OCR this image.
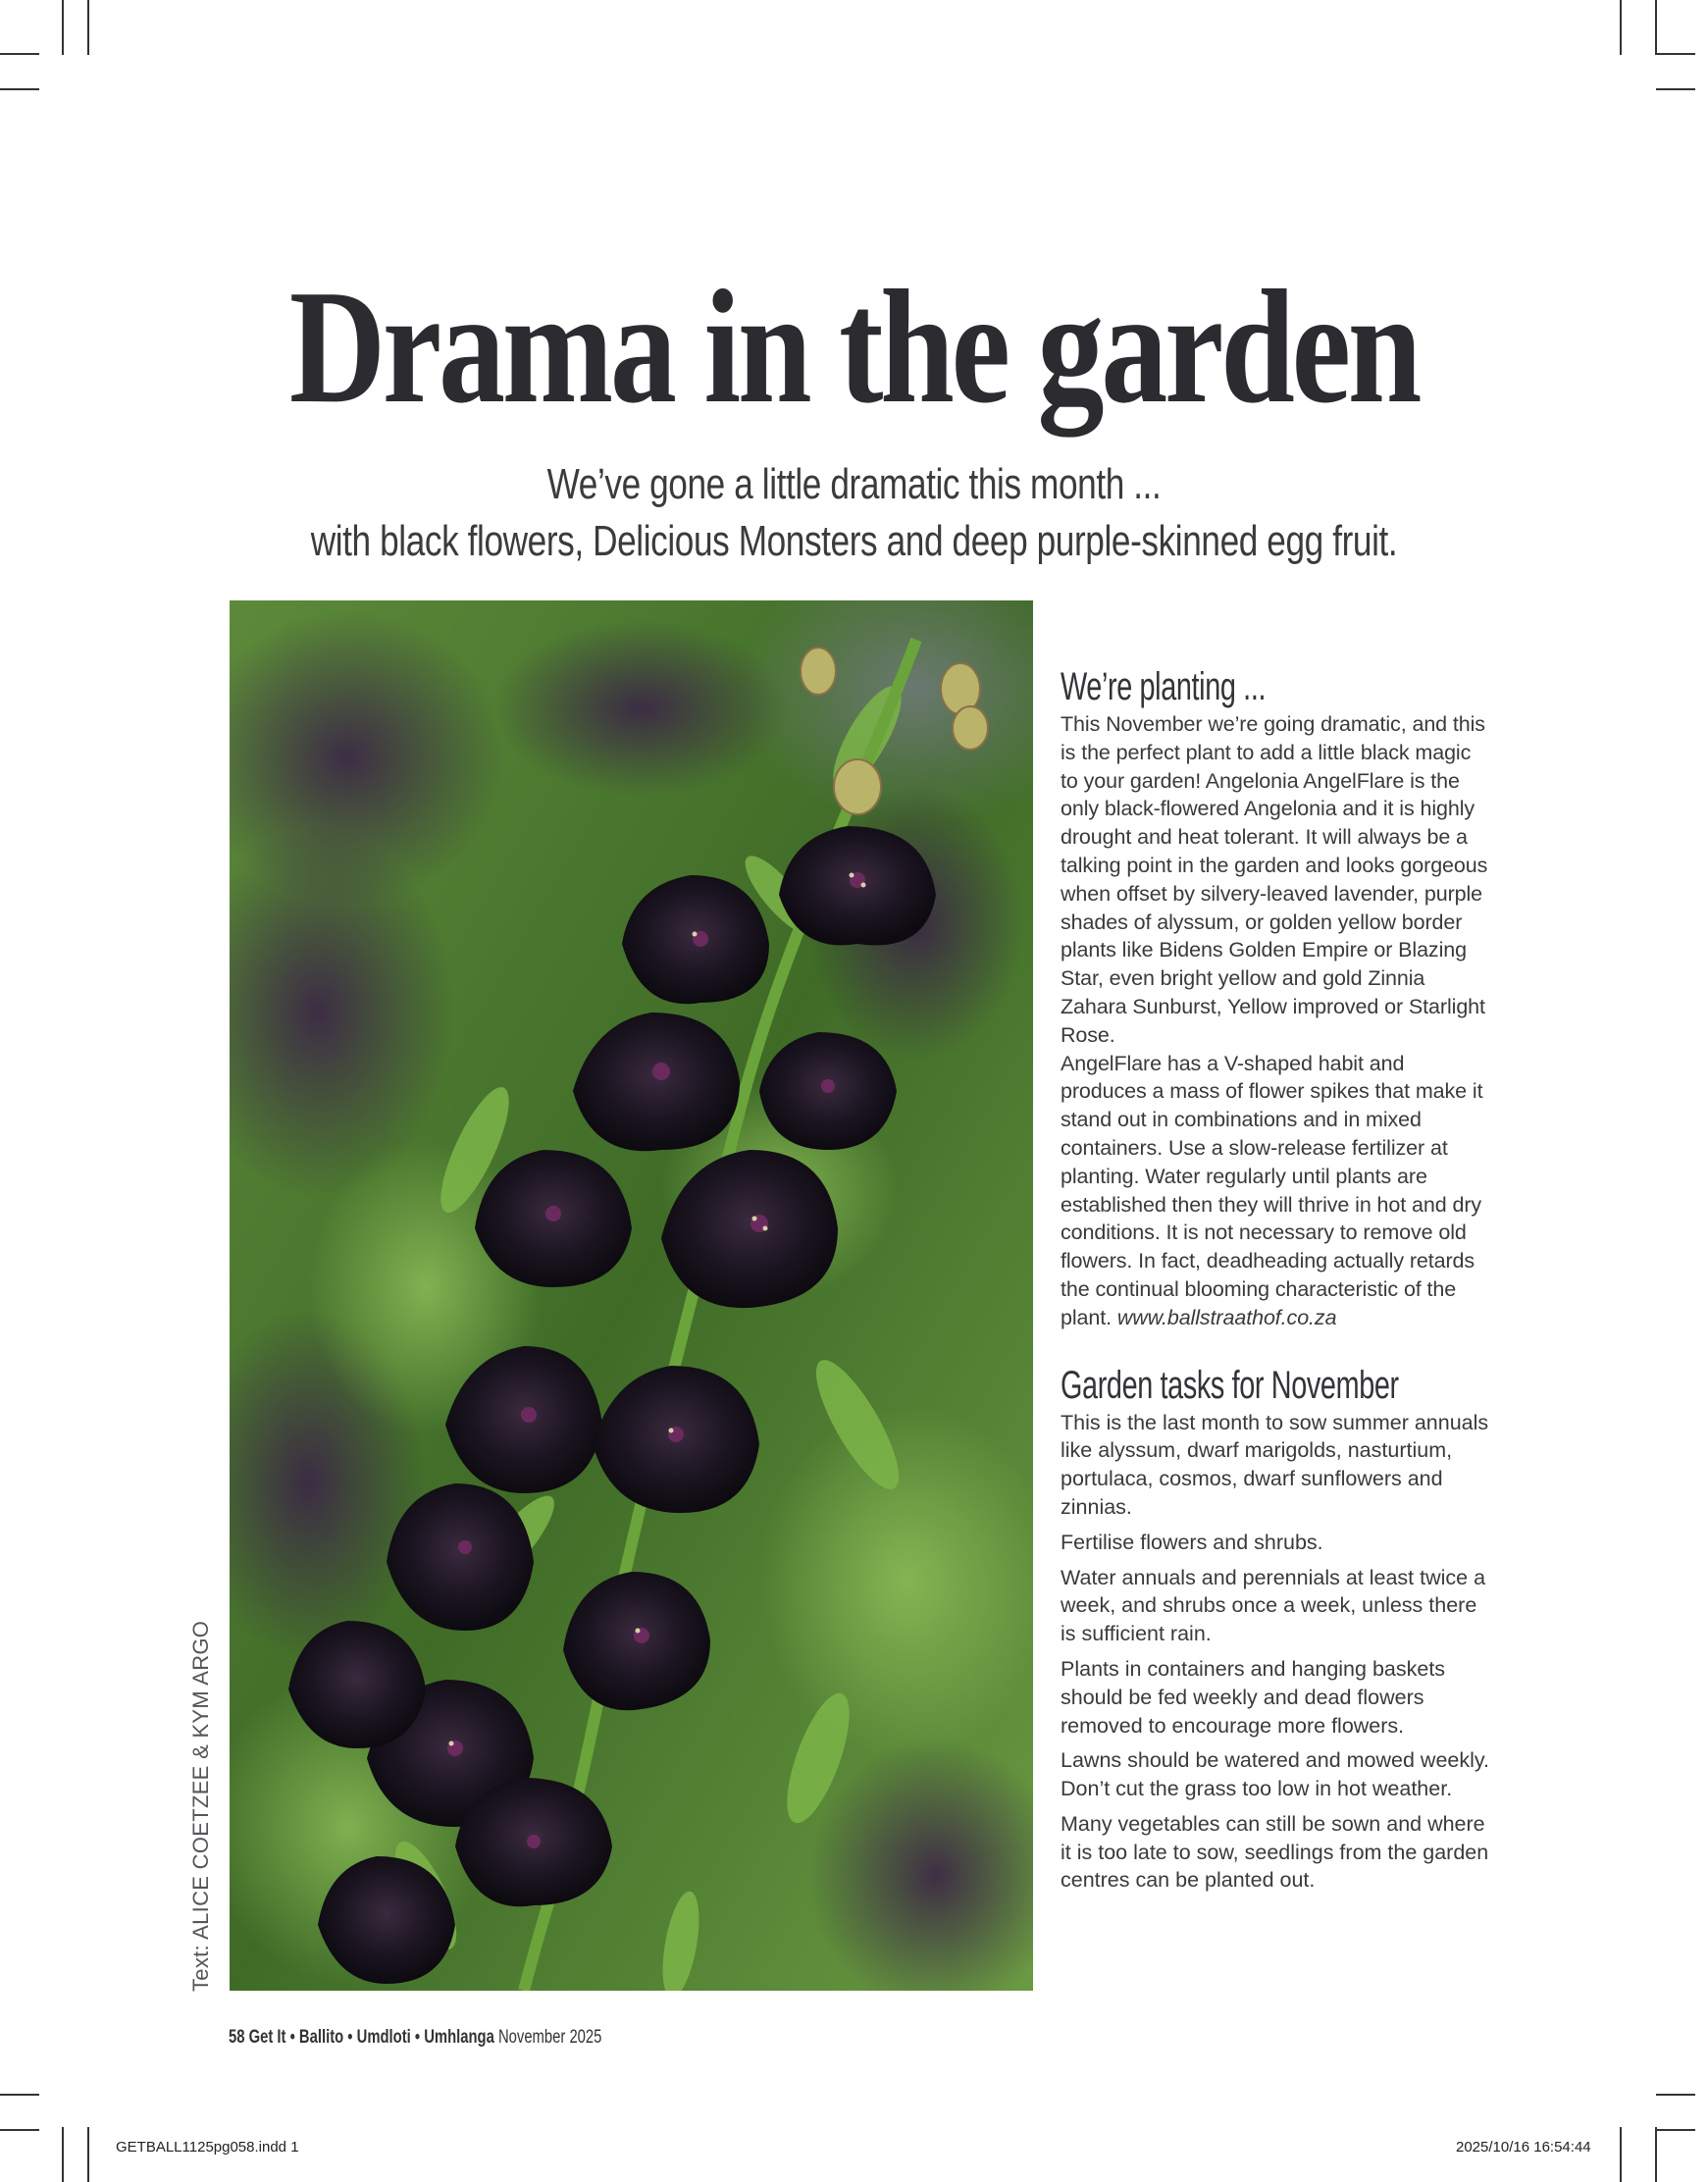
Drama in the garden
We’ve gone a little dramatic this month ...
with black flowers, Delicious Monsters and deep purple-skinned egg fruit.
Text: ALICE COETZEE & KYM ARGO
We’re planting ...

This November we’re going dramatic, and this is the perfect plant to add a little black magic to your garden! Angelonia AngelFlare is the only black-flowered Angelonia and it is highly drought and heat tolerant. It will always be a talking point in the garden and looks gorgeous when offset by silvery-leaved lavender, purple shades of alyssum, or golden yellow border plants like Bidens Golden Empire or Blazing Star, even bright yellow and gold Zinnia Zahara Sunburst, Yellow improved or Starlight Rose.
AngelFlare has a V-shaped habit and produces a mass of flower spikes that make it stand out in combinations and in mixed containers. Use a slow-release fertilizer at planting. Water regularly until plants are established then they will thrive in hot and dry conditions. It is not necessary to remove old flowers. In fact, deadheading actually retards the continual blooming characteristic of the plant. www.ballstraathof.co.za

Garden tasks for November

This is the last month to sow summer annuals like alyssum, dwarf marigolds, nasturtium, portulaca, cosmos, dwarf sunflowers and zinnias.

Fertilise flowers and shrubs.

Water annuals and perennials at least twice a week, and shrubs once a week, unless there is sufficient rain.

Plants in containers and hanging baskets should be fed weekly and dead flowers removed to encourage more flowers.

Lawns should be watered and mowed weekly. Don’t cut the grass too low in hot weather.

Many vegetables can still be sown and where it is too late to sow, seedlings from the garden centres can be planted out.

58 Get It • Ballito • Umdloti • Umhlanga November 2025
GETBALL1125pg058.indd 1	2025/10/16 16:54:44
